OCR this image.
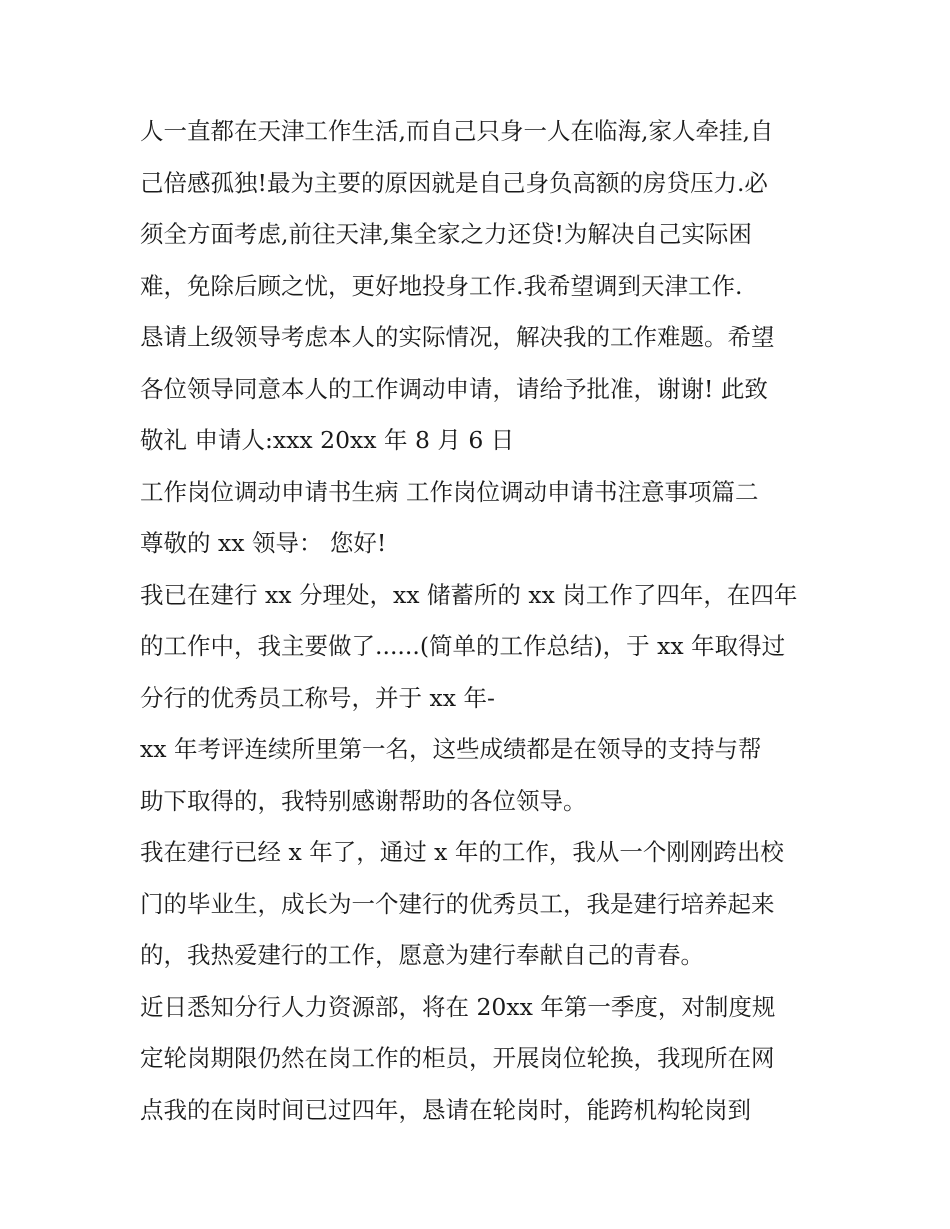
人一直都在天津工作生活,而自己只身一人在临海,家人牵挂,自
己倍感孤独!最为主要的原因就是自己身负高额的房贷压力.必
须全方面考虑,前往天津,集全家之力还贷!为解决自己实际困
难，免除后顾之忧，更好地投身工作.我希望调到天津工作.
恳请上级领导考虑本人的实际情况，解决我的工作难题。希望
各位领导同意本人的工作调动申请，请给予批准，谢谢! 此致
敬礼 申请人:xxx 20xx 年 8 月 6 日
工作岗位调动申请书生病 工作岗位调动申请书注意事项篇二
尊敬的 xx 领导： 您好!
我已在建行 xx 分理处，xx 储蓄所的 xx 岗工作了四年，在四年
的工作中，我主要做了......(简单的工作总结)，于 xx 年取得过
分行的优秀员工称号，并于 xx 年-
xx 年考评连续所里第一名，这些成绩都是在领导的支持与帮
助下取得的，我特别感谢帮助的各位领导。
我在建行已经 x 年了，通过 x 年的工作，我从一个刚刚跨出校
门的毕业生，成长为一个建行的优秀员工，我是建行培养起来
的，我热爱建行的工作，愿意为建行奉献自己的青春。
近日悉知分行人力资源部，将在 20xx 年第一季度，对制度规
定轮岗期限仍然在岗工作的柜员，开展岗位轮换，我现所在网
点我的在岗时间已过四年，恳请在轮岗时，能跨机构轮岗到
